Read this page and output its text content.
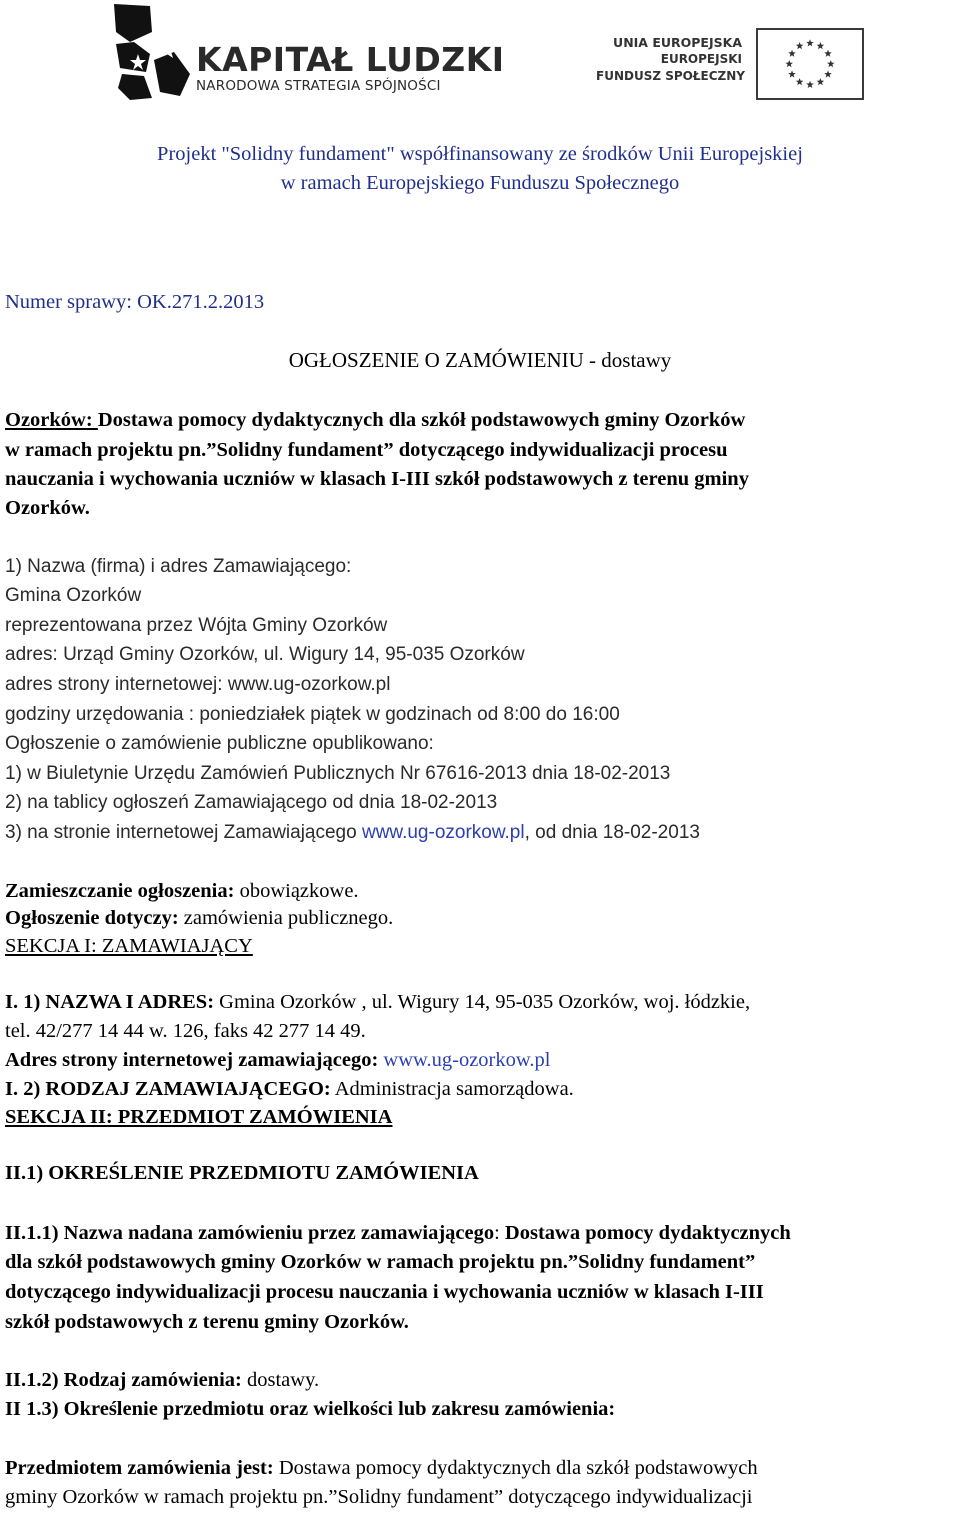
KAPITAŁ LUDZKI
NARODOWA STRATEGIA SPÓJNOŚCI
UNIA EUROPEJSKA
EUROPEJSKI
FUNDUSZ SPOŁECZNY
Projekt "Solidny fundament" współfinansowany ze środków Unii Europejskiej
w ramach Europejskiego Funduszu Społecznego
Numer sprawy: OK.271.2.2013
OGŁOSZENIE O ZAMÓWIENIU - dostawy
Ozorków: Dostawa pomocy dydaktycznych dla szkół podstawowych gminy Ozorków
w ramach projektu pn.”Solidny fundament” dotyczącego indywidualizacji procesu
nauczania i wychowania uczniów w klasach I-III szkół podstawowych z terenu gminy
Ozorków.
1) Nazwa (firma) i adres Zamawiającego:
Gmina Ozorków
reprezentowana przez Wójta Gminy Ozorków
adres: Urząd Gminy Ozorków, ul. Wigury 14, 95-035 Ozorków
adres strony internetowej: www.ug-ozorkow.pl
godziny urzędowania : poniedziałek piątek w godzinach od 8:00 do 16:00
Ogłoszenie o zamówienie publiczne opublikowano:
1) w Biuletynie Urzędu Zamówień Publicznych Nr 67616-2013 dnia 18-02-2013
2) na tablicy ogłoszeń Zamawiającego od dnia 18-02-2013
3) na stronie internetowej Zamawiającego www.ug-ozorkow.pl, od dnia 18-02-2013
Zamieszczanie ogłoszenia: obowiązkowe.
Ogłoszenie dotyczy: zamówienia publicznego.
SEKCJA I: ZAMAWIAJĄCY
I. 1) NAZWA I ADRES: Gmina Ozorków , ul. Wigury 14, 95-035 Ozorków, woj. łódzkie,
tel. 42/277 14 44 w. 126, faks 42 277 14 49.
Adres strony internetowej zamawiającego: www.ug-ozorkow.pl
I. 2) RODZAJ ZAMAWIAJĄCEGO: Administracja samorządowa.
SEKCJA II: PRZEDMIOT ZAMÓWIENIA
II.1) OKREŚLENIE PRZEDMIOTU ZAMÓWIENIA
II.1.1) Nazwa nadana zamówieniu przez zamawiającego: Dostawa pomocy dydaktycznych
dla szkół podstawowych gminy Ozorków w ramach projektu pn.”Solidny fundament”
dotyczącego indywidualizacji procesu nauczania i wychowania uczniów w klasach I-III
szkół podstawowych z terenu gminy Ozorków.
II.1.2) Rodzaj zamówienia: dostawy.
II 1.3) Określenie przedmiotu oraz wielkości lub zakresu zamówienia:
Przedmiotem zamówienia jest: Dostawa pomocy dydaktycznych dla szkół podstawowych
gminy Ozorków w ramach projektu pn.”Solidny fundament” dotyczącego indywidualizacji
